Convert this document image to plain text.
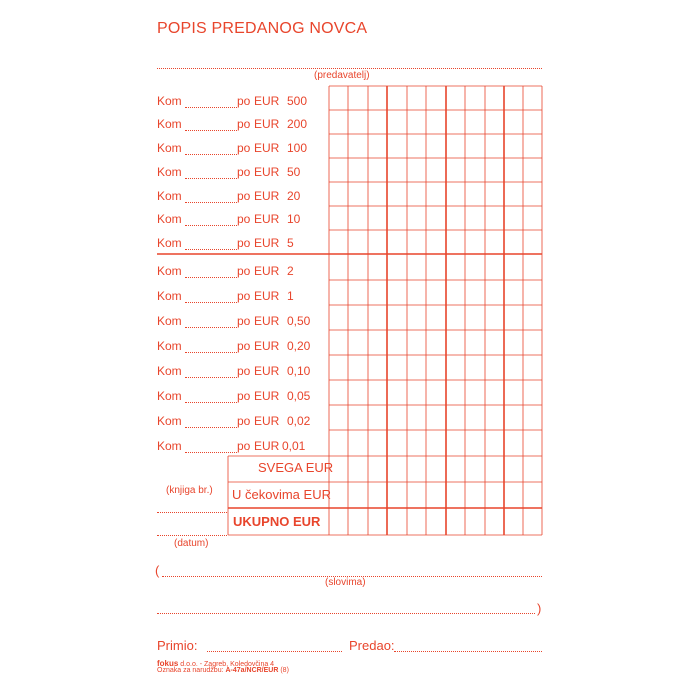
POPIS PREDANOG NOVCA
(predavatelj)
Kom	po EUR 500
Kom	po EUR 200
Kom	po EUR 100
Kom	po EUR 50
Kom	po EUR 20
Kom	po EUR 10
Kom	po EUR 5
Kom	po EUR 2
Kom	po EUR 1
Kom	po EUR 0,50
Kom	po EUR 0,20
Kom	po EUR 0,10
Kom	po EUR 0,05
Kom	po EUR 0,02
Kom	po EUR 0,01
SVEGA EUR
U čekovima EUR
UKUPNO EUR
(knjiga br.)
(datum)
(
(slovima)
)
Primio:	Predao:
fokus d.o.o. - Zagreb, Koledovčina 4
Oznaka za narudžbu: A-47a/NCR/EUR (8)
